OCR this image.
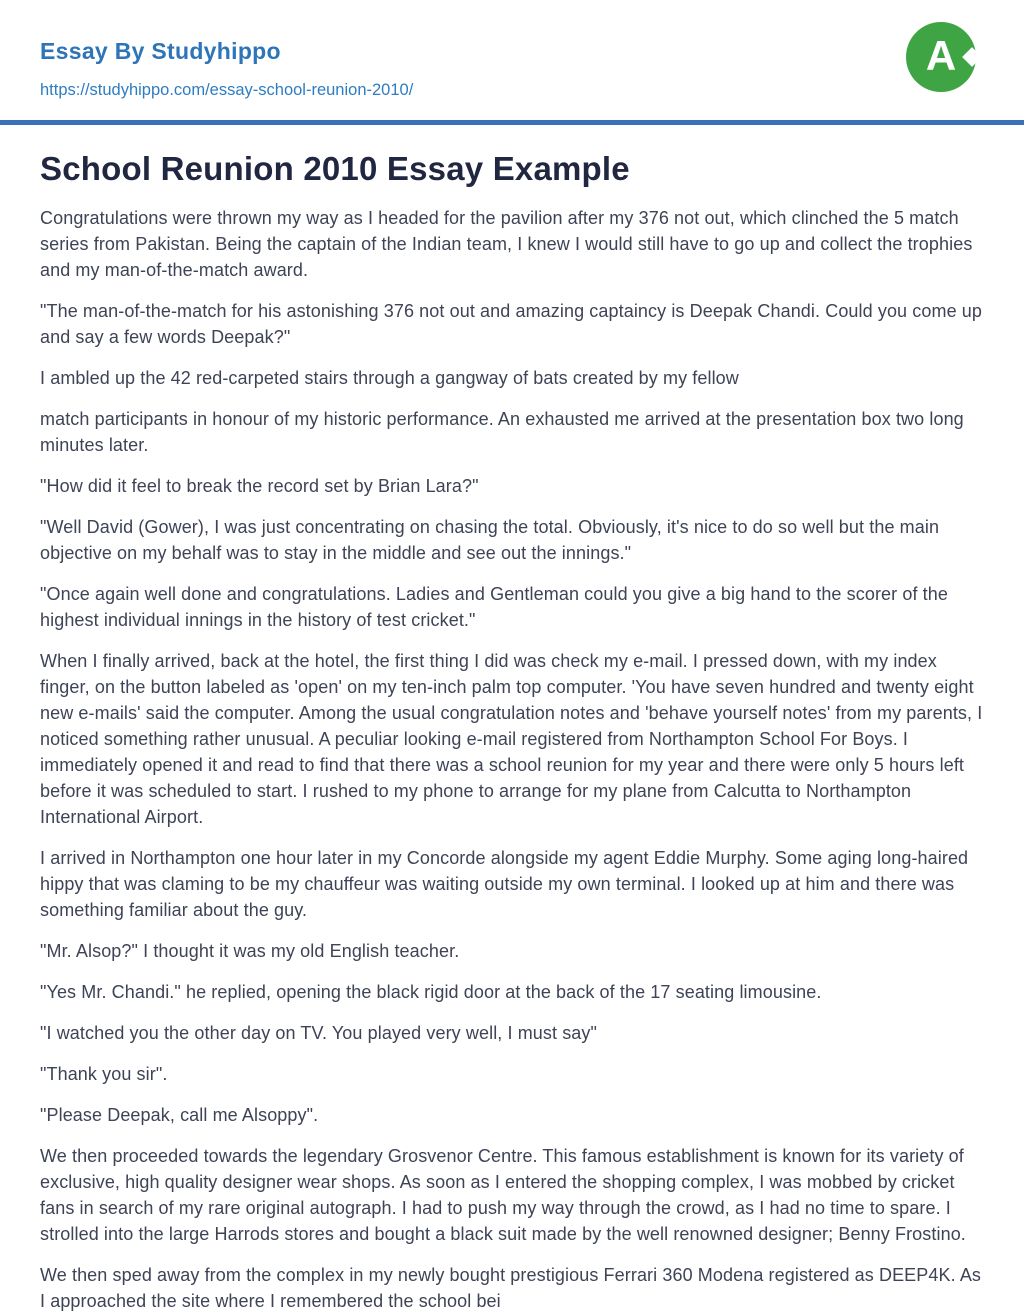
Essay By Studyhippo
https://studyhippo.com/essay-school-reunion-2010/
A
School Reunion 2010 Essay Example

Congratulations were thrown my way as I headed for the pavilion after my 376 not out, which clinched the 5 match series from Pakistan. Being the captain of the Indian team, I knew I would still have to go up and collect the trophies and my man-of-the-match award.

"The man-of-the-match for his astonishing 376 not out and amazing captaincy is Deepak Chandi. Could you come up and say a few words Deepak?"

I ambled up the 42 red-carpeted stairs through a gangway of bats created by my fellow

match participants in honour of my historic performance. An exhausted me arrived at the presentation box two long minutes later.

"How did it feel to break the record set by Brian Lara?"

"Well David (Gower), I was just concentrating on chasing the total. Obviously, it's nice to do so well but the main objective on my behalf was to stay in the middle and see out the innings."

"Once again well done and congratulations. Ladies and Gentleman could you give a big hand to the scorer of the highest individual innings in the history of test cricket."

When I finally arrived, back at the hotel, the first thing I did was check my e-mail. I pressed down, with my index finger, on the button labeled as 'open' on my ten-inch palm top computer. 'You have seven hundred and twenty eight new e-mails' said the computer. Among the usual congratulation notes and 'behave yourself notes' from my parents, I noticed something rather unusual. A peculiar looking e-mail registered from Northampton School For Boys. I immediately opened it and read to find that there was a school reunion for my year and there were only 5 hours left before it was scheduled to start. I rushed to my phone to arrange for my plane from Calcutta to Northampton International Airport.

I arrived in Northampton one hour later in my Concorde alongside my agent Eddie Murphy. Some aging long-haired hippy that was claming to be my chauffeur was waiting outside my own terminal. I looked up at him and there was something familiar about the guy.

"Mr. Alsop?" I thought it was my old English teacher.

"Yes Mr. Chandi." he replied, opening the black rigid door at the back of the 17 seating limousine.

"I watched you the other day on TV. You played very well, I must say"

"Thank you sir".

"Please Deepak, call me Alsoppy".

We then proceeded towards the legendary Grosvenor Centre. This famous establishment is known for its variety of exclusive, high quality designer wear shops. As soon as I entered the shopping complex, I was mobbed by cricket fans in search of my rare original autograph. I had to push my way through the crowd, as I had no time to spare. I strolled into the large Harrods stores and bought a black suit made by the well renowned designer; Benny Frostino.

We then sped away from the complex in my newly bought prestigious Ferrari 360 Modena registered as DEEP4K. As I approached the site where I remembered the school bei
